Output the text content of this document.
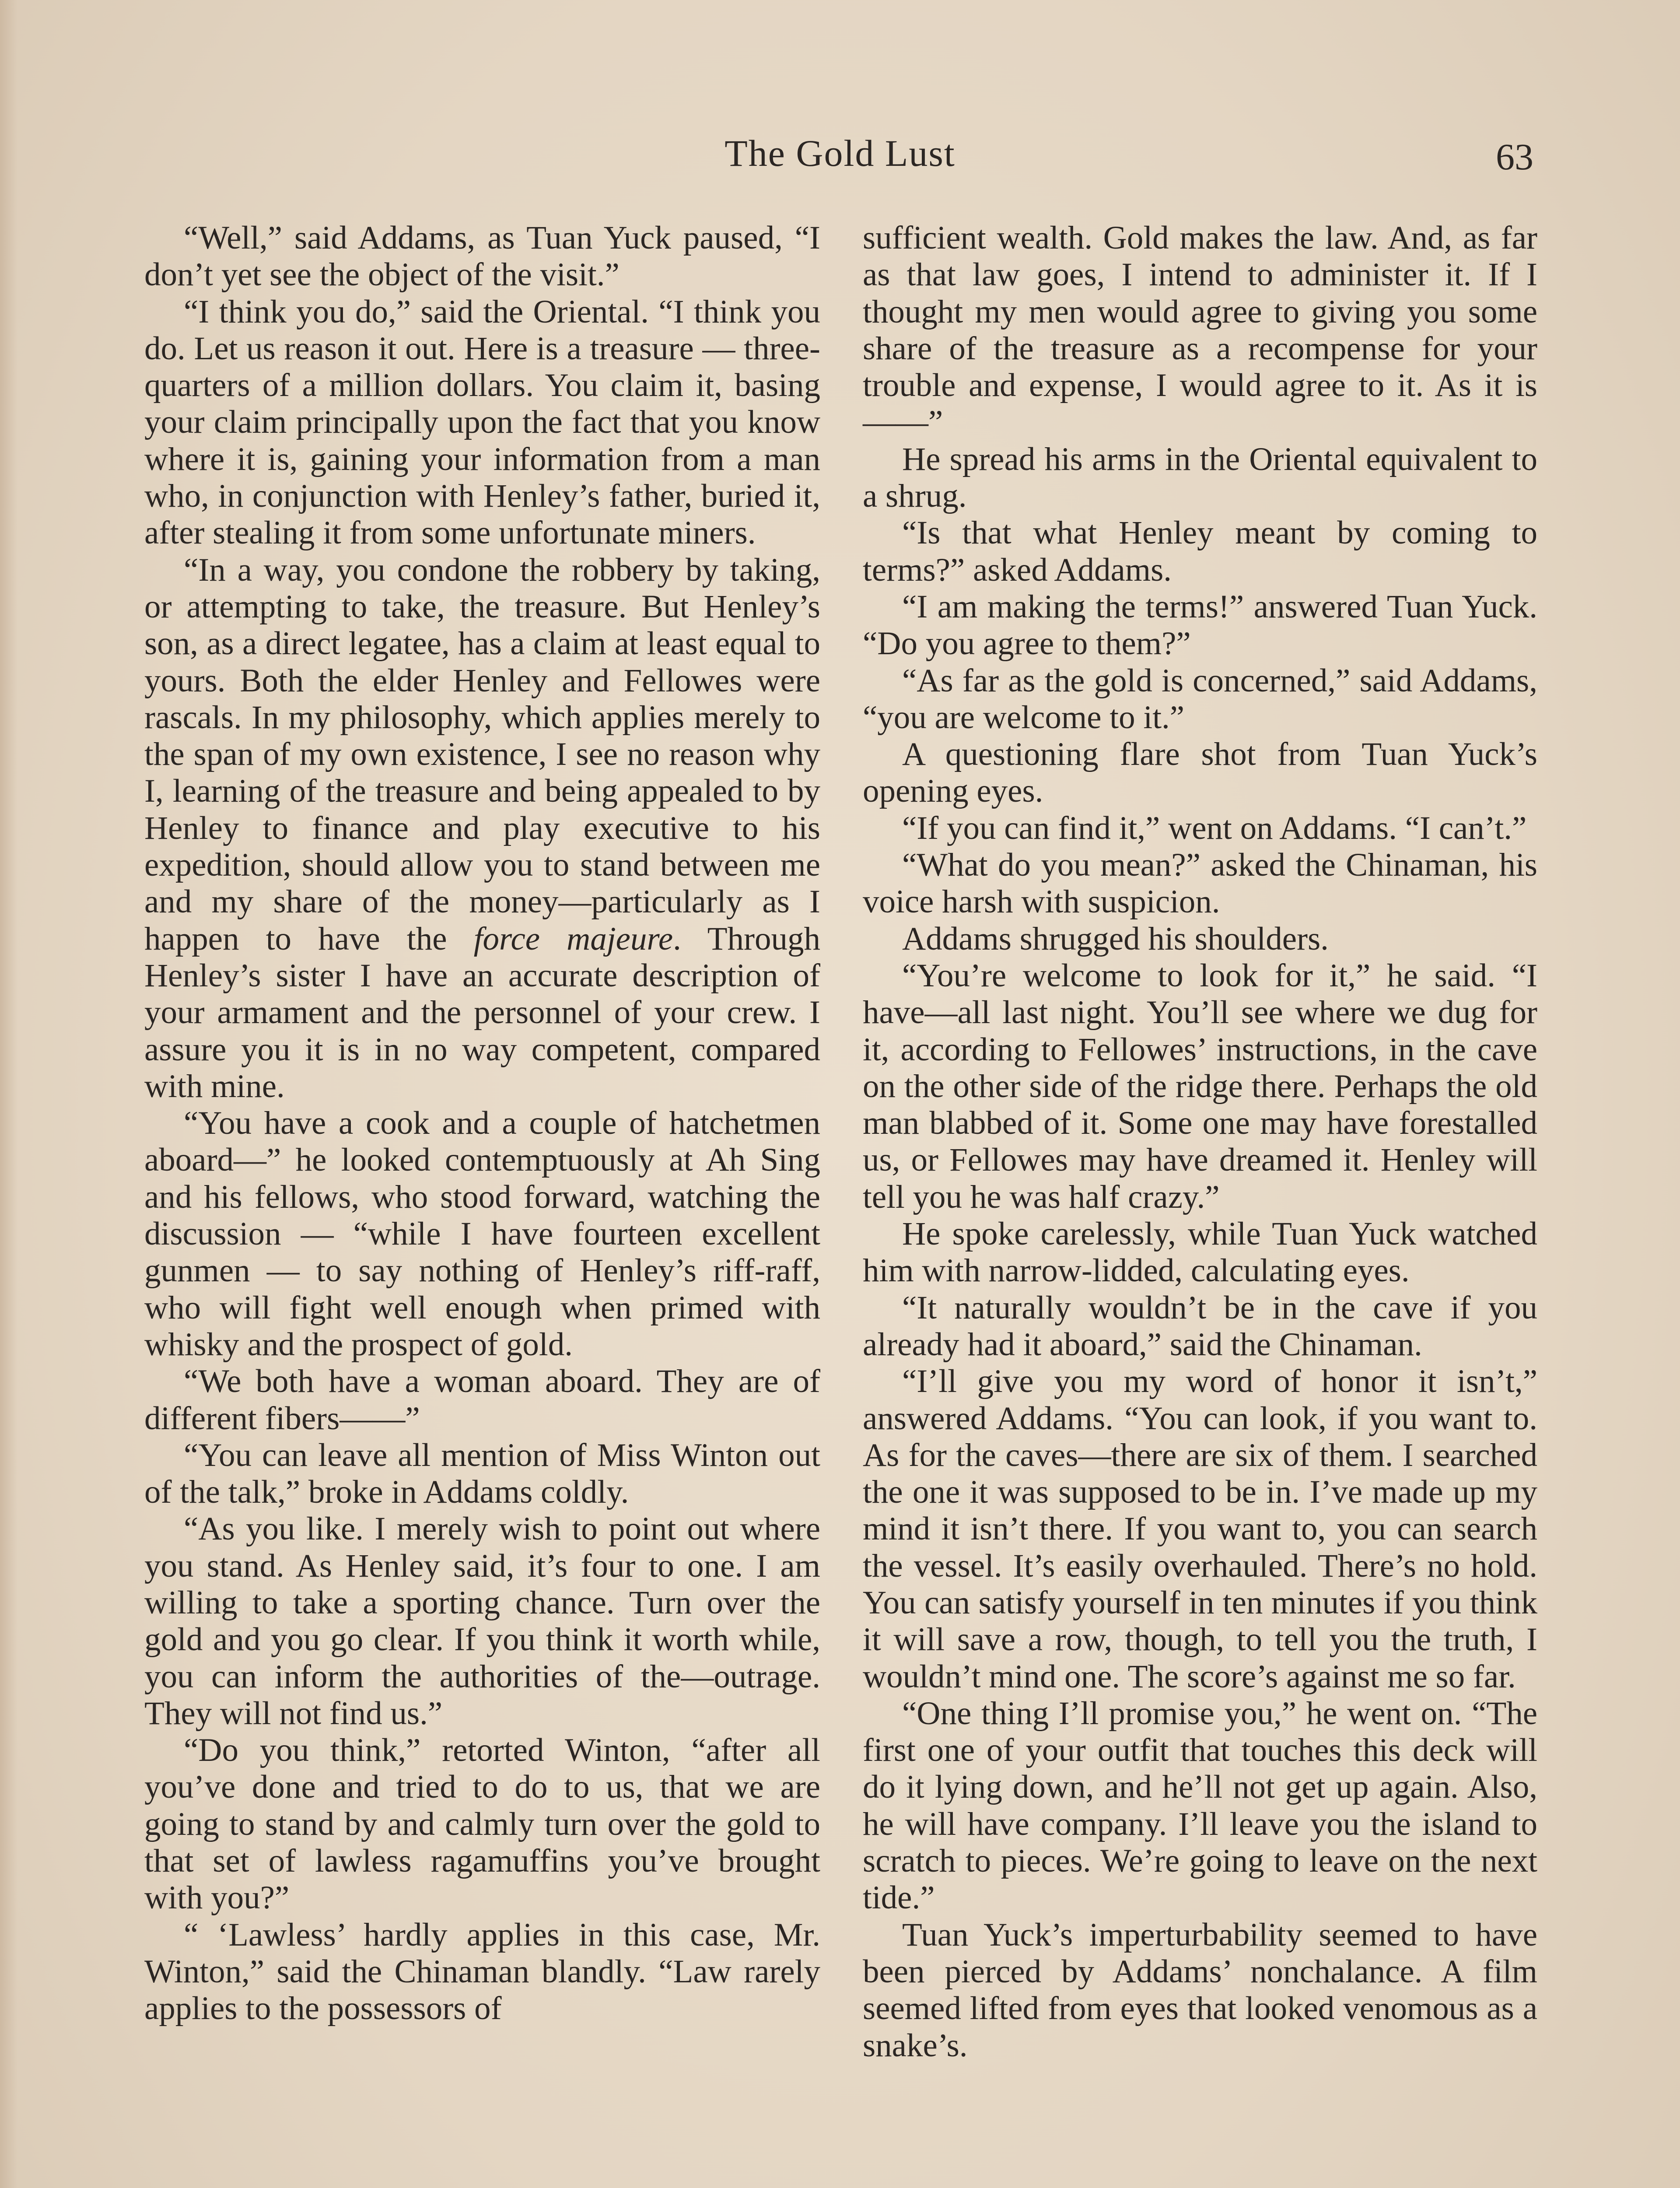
The Gold Lust	63

“Well,” said Addams, as Tuan Yuck paused, “I don’t yet see the object of the visit.”

“I think you do,” said the Oriental. “I think you do. Let us reason it out. Here is a treasure — three-quarters of a million dollars. You claim it, basing your claim principally upon the fact that you know where it is, gaining your information from a man who, in conjunction with Henley’s father, buried it, after stealing it from some unfortunate miners.

“In a way, you condone the robbery by taking, or attempting to take, the treasure. But Henley’s son, as a direct legatee, has a claim at least equal to yours. Both the elder Henley and Fellowes were rascals. In my philosophy, which applies merely to the span of my own existence, I see no reason why I, learning of the treasure and being appealed to by Henley to finance and play executive to his expedition, should allow you to stand between me and my share of the money—particularly as I happen to have the force majeure. Through Henley’s sister I have an accurate description of your armament and the personnel of your crew. I assure you it is in no way competent, compared with mine.

“You have a cook and a couple of hatchetmen aboard—” he looked contemptuously at Ah Sing and his fellows, who stood forward, watching the discussion — “while I have fourteen excellent gunmen — to say nothing of Henley’s riff-raff, who will fight well enough when primed with whisky and the prospect of gold.

“We both have a woman aboard. They are of different fibers——”

“You can leave all mention of Miss Winton out of the talk,” broke in Addams coldly.

“As you like. I merely wish to point out where you stand. As Henley said, it’s four to one. I am willing to take a sporting chance. Turn over the gold and you go clear. If you think it worth while, you can inform the authorities of the—outrage. They will not find us.”

“Do you think,” retorted Winton, “after all you’ve done and tried to do to us, that we are going to stand by and calmly turn over the gold to that set of lawless ragamuffins you’ve brought with you?”

“ ‘Lawless’ hardly applies in this case, Mr. Winton,” said the Chinaman blandly. “Law rarely applies to the possessors of

sufficient wealth. Gold makes the law. And, as far as that law goes, I intend to administer it. If I thought my men would agree to giving you some share of the treasure as a recompense for your trouble and expense, I would agree to it. As it is——”

He spread his arms in the Oriental equivalent to a shrug.

“Is that what Henley meant by coming to terms?” asked Addams.

“I am making the terms!” answered Tuan Yuck. “Do you agree to them?”

“As far as the gold is concerned,” said Addams, “you are welcome to it.”

A questioning flare shot from Tuan Yuck’s opening eyes.

“If you can find it,” went on Addams. “I can’t.”

“What do you mean?” asked the Chinaman, his voice harsh with suspicion.

Addams shrugged his shoulders.

“You’re welcome to look for it,” he said. “I have—all last night. You’ll see where we dug for it, according to Fellowes’ instructions, in the cave on the other side of the ridge there. Perhaps the old man blabbed of it. Some one may have forestalled us, or Fellowes may have dreamed it. Henley will tell you he was half crazy.”

He spoke carelessly, while Tuan Yuck watched him with narrow-lidded, calculating eyes.

“It naturally wouldn’t be in the cave if you already had it aboard,” said the Chinaman.

“I’ll give you my word of honor it isn’t,” answered Addams. “You can look, if you want to. As for the caves—there are six of them. I searched the one it was supposed to be in. I’ve made up my mind it isn’t there. If you want to, you can search the vessel. It’s easily overhauled. There’s no hold. You can satisfy yourself in ten minutes if you think it will save a row, though, to tell you the truth, I wouldn’t mind one. The score’s against me so far.

“One thing I’ll promise you,” he went on. “The first one of your outfit that touches this deck will do it lying down, and he’ll not get up again. Also, he will have company. I’ll leave you the island to scratch to pieces. We’re going to leave on the next tide.”

Tuan Yuck’s imperturbability seemed to have been pierced by Addams’ nonchalance. A film seemed lifted from eyes that looked venomous as a snake’s.
